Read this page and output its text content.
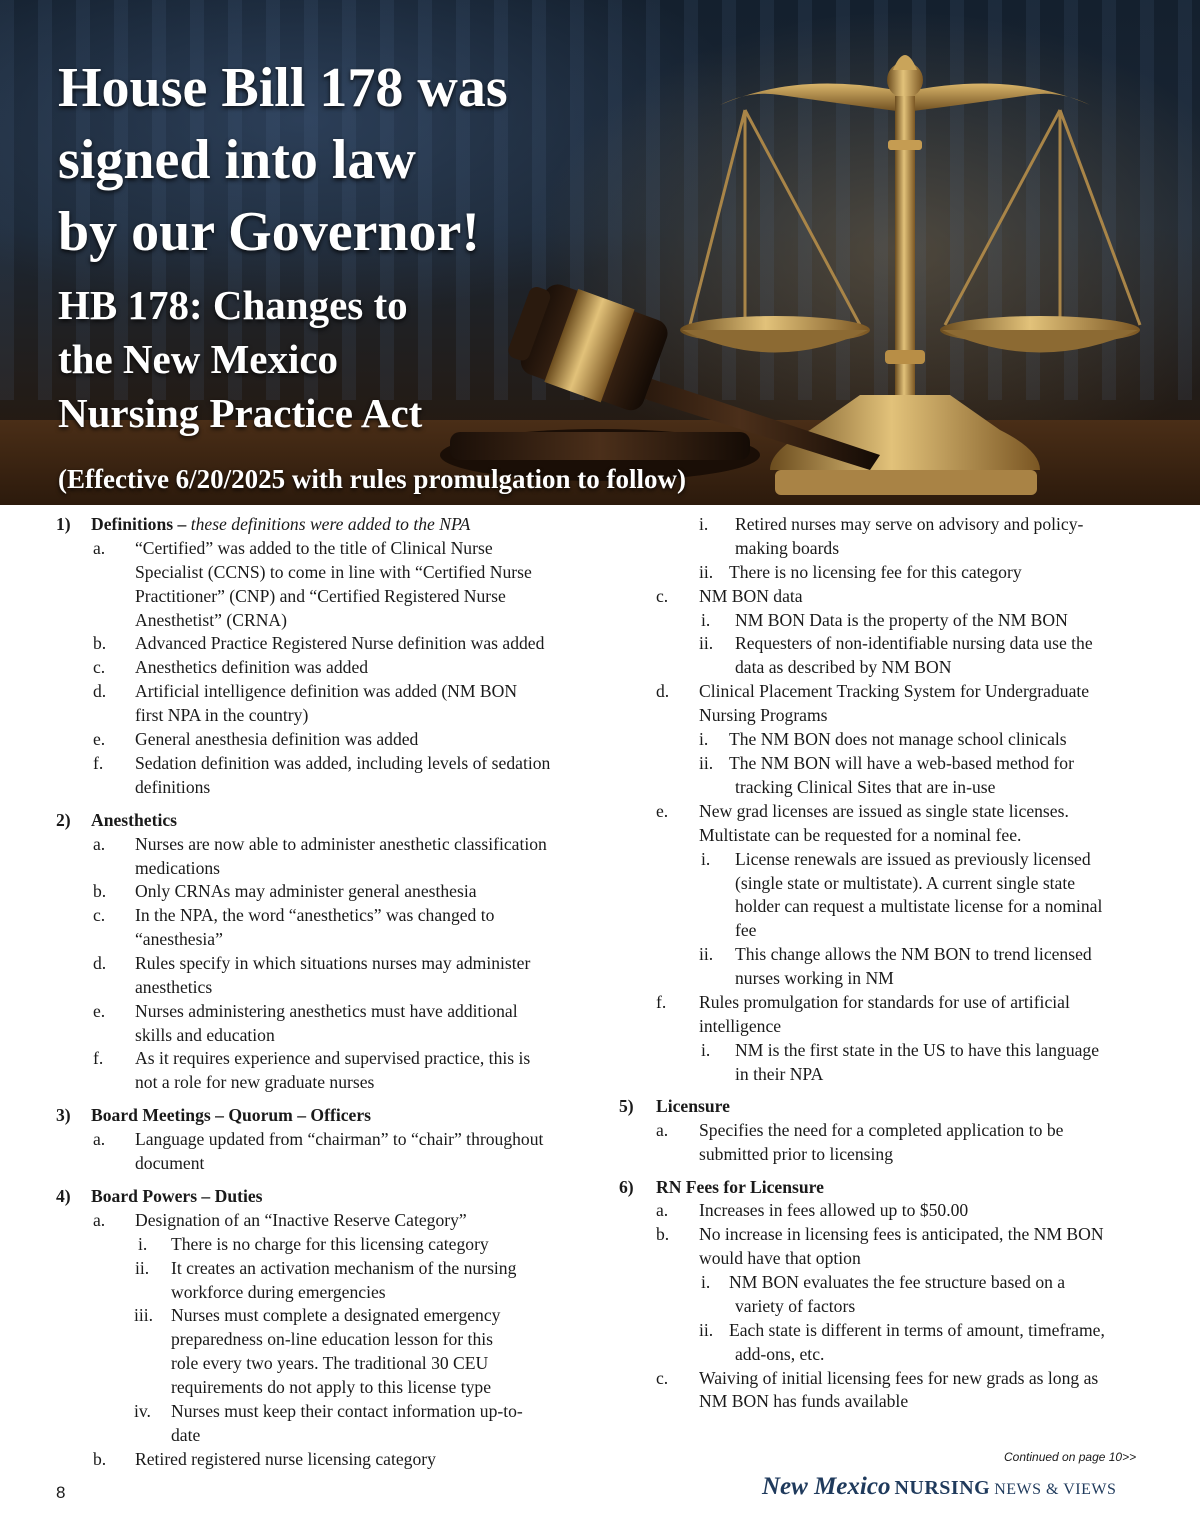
House Bill 178 was
signed into law
by our Governor!
HB 178: Changes to
the New Mexico
Nursing Practice Act
(Effective 6/20/2025 with rules promulgation to follow)
1) Definitions – these definitions were added to the NPA
a. “Certified” was added to the title of Clinical Nurse
Specialist (CCNS) to come in line with “Certified Nurse
Practitioner” (CNP) and “Certified Registered Nurse
Anesthetist” (CRNA)
b. Advanced Practice Registered Nurse definition was added
c. Anesthetics definition was added
d. Artificial intelligence definition was added (NM BON
first NPA in the country)
e. General anesthesia definition was added
f. Sedation definition was added, including levels of sedation
definitions
2) Anesthetics
a. Nurses are now able to administer anesthetic classification
medications
b. Only CRNAs may administer general anesthesia
c. In the NPA, the word “anesthetics” was changed to
“anesthesia”
d. Rules specify in which situations nurses may administer
anesthetics
e. Nurses administering anesthetics must have additional
skills and education
f. As it requires experience and supervised practice, this is
not a role for new graduate nurses
3) Board Meetings – Quorum – Officers
a. Language updated from “chairman” to “chair” throughout
document
4) Board Powers – Duties
a. Designation of an “Inactive Reserve Category”
i. There is no charge for this licensing category
ii. It creates an activation mechanism of the nursing
workforce during emergencies
iii. Nurses must complete a designated emergency
preparedness on-line education lesson for this
role every two years. The traditional 30 CEU
requirements do not apply to this license type
iv. Nurses must keep their contact information up-to-
date
b. Retired registered nurse licensing category
i. Retired nurses may serve on advisory and policy-
making boards
ii. There is no licensing fee for this category
c. NM BON data
i. NM BON Data is the property of the NM BON
ii. Requesters of non-identifiable nursing data use the
data as described by NM BON
d. Clinical Placement Tracking System for Undergraduate
Nursing Programs
i. The NM BON does not manage school clinicals
ii. The NM BON will have a web-based method for
tracking Clinical Sites that are in-use
e. New grad licenses are issued as single state licenses.
Multistate can be requested for a nominal fee.
i. License renewals are issued as previously licensed
(single state or multistate). A current single state
holder can request a multistate license for a nominal
fee
ii. This change allows the NM BON to trend licensed
nurses working in NM
f. Rules promulgation for standards for use of artificial
intelligence
i. NM is the first state in the US to have this language
in their NPA
5) Licensure
a. Specifies the need for a completed application to be
submitted prior to licensing
6) RN Fees for Licensure
a. Increases in fees allowed up to $50.00
b. No increase in licensing fees is anticipated, the NM BON
would have that option
i. NM BON evaluates the fee structure based on a
variety of factors
ii. Each state is different in terms of amount, timeframe,
add-ons, etc.
c. Waiving of initial licensing fees for new grads as long as
NM BON has funds available
Continued on page 10>>
8	New Mexico NURSING NEWS & VIEWS
